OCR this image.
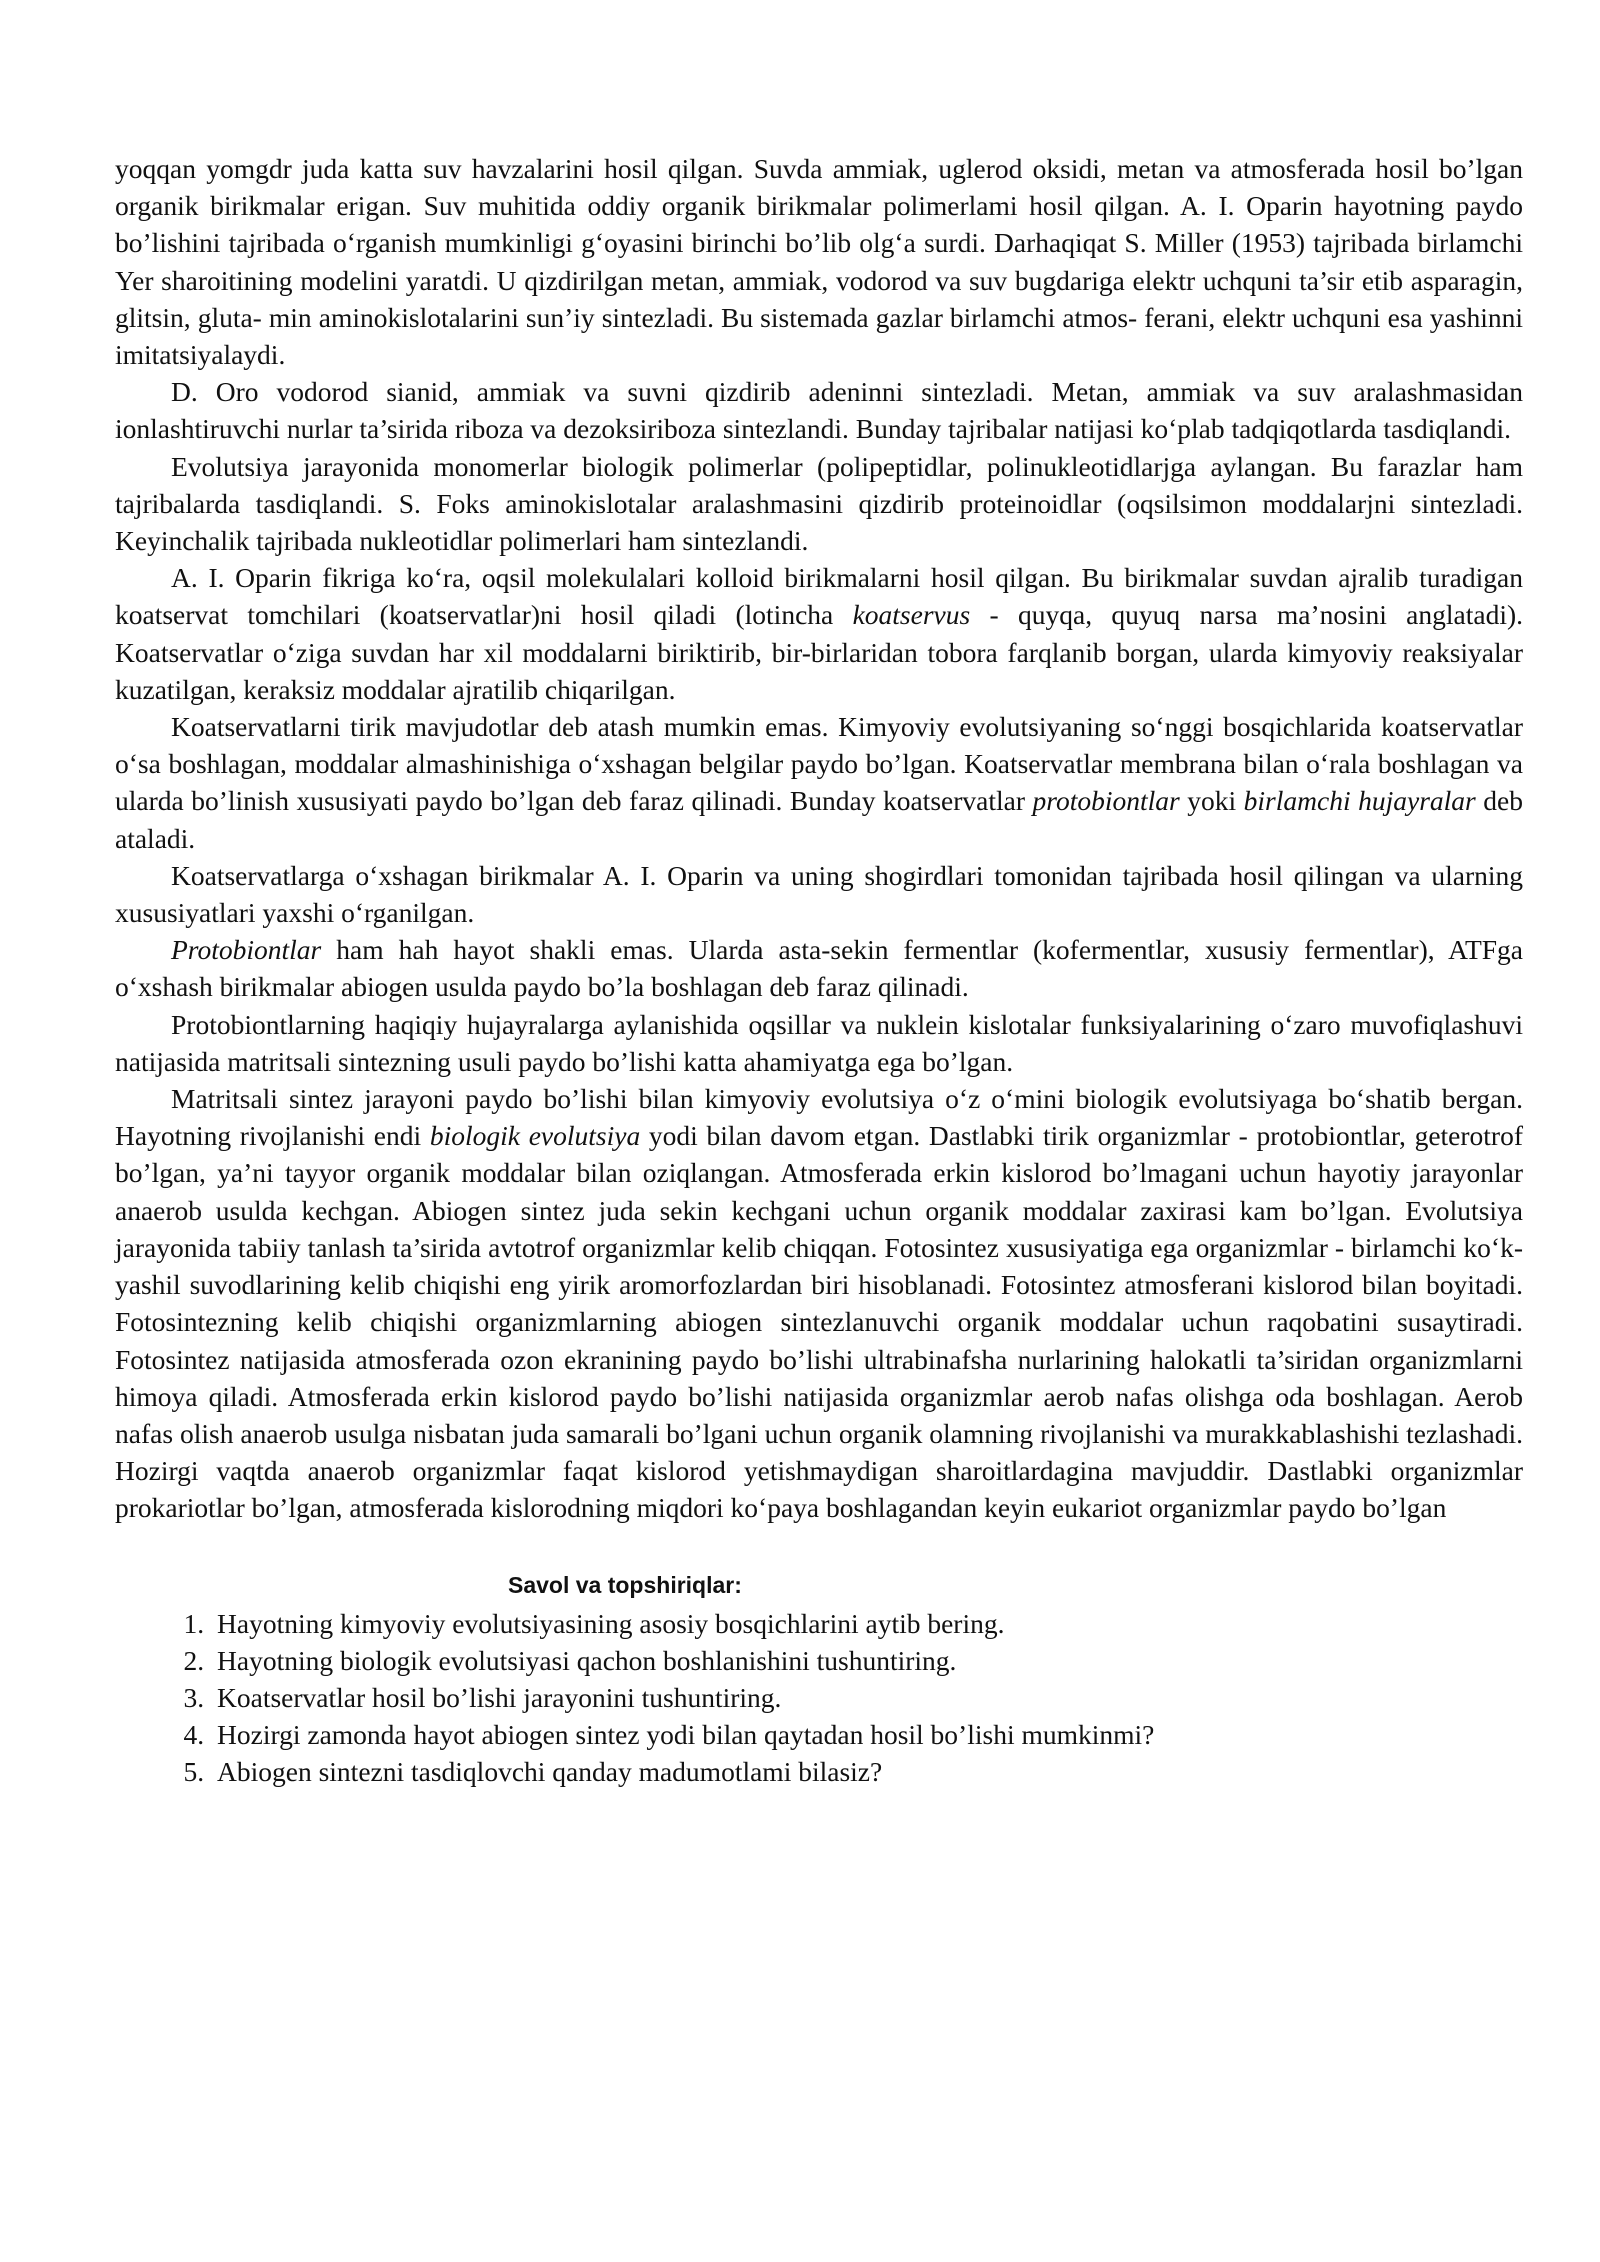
yoqqan yomgdr juda katta suv havzalarini hosil qilgan. Suvda ammiak, uglerod oksidi, metan va atmosferada hosil bo’lgan organik birikmalar erigan. Suv muhitida oddiy organik birikmalar polimerlami hosil qilgan. A. I. Oparin hayotning paydo bo’lishini tajribada o‘rganish mumkinligi g‘oyasini birinchi bo’lib olg‘a surdi. Darhaqiqat S. Miller (1953) tajribada birlamchi Yer sharoitining modelini yaratdi. U qizdirilgan metan, ammiak, vodorod va suv bugdariga elektr uchquni ta’sir etib asparagin, glitsin, gluta- min aminokislotalarini sun’iy sintezladi. Bu sistemada gazlar birlamchi atmos- ferani, elektr uchquni esa yashinni imitatsiyalaydi.

D. Oro vodorod sianid, ammiak va suvni qizdirib adeninni sintezladi. Metan, ammiak va suv aralashmasidan ionlashtiruvchi nurlar ta’sirida riboza va dezoksiriboza sintezlandi. Bunday tajribalar natijasi ko‘plab tadqiqotlarda tasdiqlandi.

Evolutsiya jarayonida monomerlar biologik polimerlar (polipeptidlar, polinukleotidlarjga aylangan. Bu farazlar ham tajribalarda tasdiqlandi. S. Foks aminokislotalar aralashmasini qizdirib proteinoidlar (oqsilsimon moddalarjni sintezladi. Keyinchalik tajribada nukleotidlar polimerlari ham sintezlandi.

A. I. Oparin fikriga ko‘ra, oqsil molekulalari kolloid birikmalarni hosil qilgan. Bu birikmalar suvdan ajralib turadigan koatservat tomchilari (koatservatlar)ni hosil qiladi (lotincha koatservus - quyqa, quyuq narsa ma’nosini anglatadi). Koatservatlar o‘ziga suvdan har xil moddalarni biriktirib, bir-birlaridan tobora farqlanib borgan, ularda kimyoviy reaksiyalar kuzatilgan, keraksiz moddalar ajratilib chiqarilgan.

Koatservatlarni tirik mavjudotlar deb atash mumkin emas. Kimyoviy evolutsiyaning so‘nggi bosqichlarida koatservatlar o‘sa boshlagan, moddalar almashinishiga o‘xshagan belgilar paydo bo’lgan. Koatservatlar membrana bilan o‘rala boshlagan va ularda bo’linish xususiyati paydo bo’lgan deb faraz qilinadi. Bunday koatservatlar protobiontlar yoki birlamchi hujayralar deb ataladi.

Koatservatlarga o‘xshagan birikmalar A. I. Oparin va uning shogirdlari tomonidan tajribada hosil qilingan va ularning xususiyatlari yaxshi o‘rganilgan.

Protobiontlar ham hah hayot shakli emas. Ularda asta-sekin fermentlar (kofermentlar, xususiy fermentlar), ATFga o‘xshash birikmalar abiogen usulda paydo bo’la boshlagan deb faraz qilinadi.

Protobiontlarning haqiqiy hujayralarga aylanishida oqsillar va nuklein kislotalar funksiyalarining o‘zaro muvofiqlashuvi natijasida matritsali sintezning usuli paydo bo’lishi katta ahamiyatga ega bo’lgan.

Matritsali sintez jarayoni paydo bo’lishi bilan kimyoviy evolutsiya o‘z o‘mini biologik evolutsiyaga bo‘shatib bergan. Hayotning rivojlanishi endi biologik evolutsiya yodi bilan davom etgan. Dastlabki tirik organizmlar - protobiontlar, geterotrof bo’lgan, ya’ni tayyor organik moddalar bilan oziqlangan. Atmosferada erkin kislorod bo’lmagani uchun hayotiy jarayonlar anaerob usulda kechgan. Abiogen sintez juda sekin kechgani uchun organik moddalar zaxirasi kam bo’lgan. Evolutsiya jarayonida tabiiy tanlash ta’sirida avtotrof organizmlar kelib chiqqan. Fotosintez xususiyatiga ega organizmlar - birlamchi ko‘k-yashil suvodlarining kelib chiqishi eng yirik aromorfozlardan biri hisoblanadi. Fotosintez atmosferani kislorod bilan boyitadi. Fotosintezning kelib chiqishi organizmlarning abiogen sintezlanuvchi organik moddalar uchun raqobatini susaytiradi. Fotosintez natijasida atmosferada ozon ekranining paydo bo’lishi ultrabinafsha nurlarining halokatli ta’siridan organizmlarni himoya qiladi. Atmosferada erkin kislorod paydo bo’lishi natijasida organizmlar aerob nafas olishga oda boshlagan. Aerob nafas olish anaerob usulga nisbatan juda samarali bo’lgani uchun organik olamning rivojlanishi va murakkablashishi tezlashadi. Hozirgi vaqtda anaerob organizmlar faqat kislorod yetishmaydigan sharoitlardagina mavjuddir. Dastlabki organizmlar prokariotlar bo’lgan, atmosferada kislorodning miqdori ko‘paya boshlagandan keyin eukariot organizmlar paydo bo’lgan

Savol va topshiriqlar:
1. Hayotning kimyoviy evolutsiyasining asosiy bosqichlarini aytib bering.
2. Hayotning biologik evolutsiyasi qachon boshlanishini tushuntiring.
3. Koatservatlar hosil bo’lishi jarayonini tushuntiring.
4. Hozirgi zamonda hayot abiogen sintez yodi bilan qaytadan hosil bo’lishi mumkinmi?
5. Abiogen sintezni tasdiqlovchi qanday madumotlami bilasiz?
